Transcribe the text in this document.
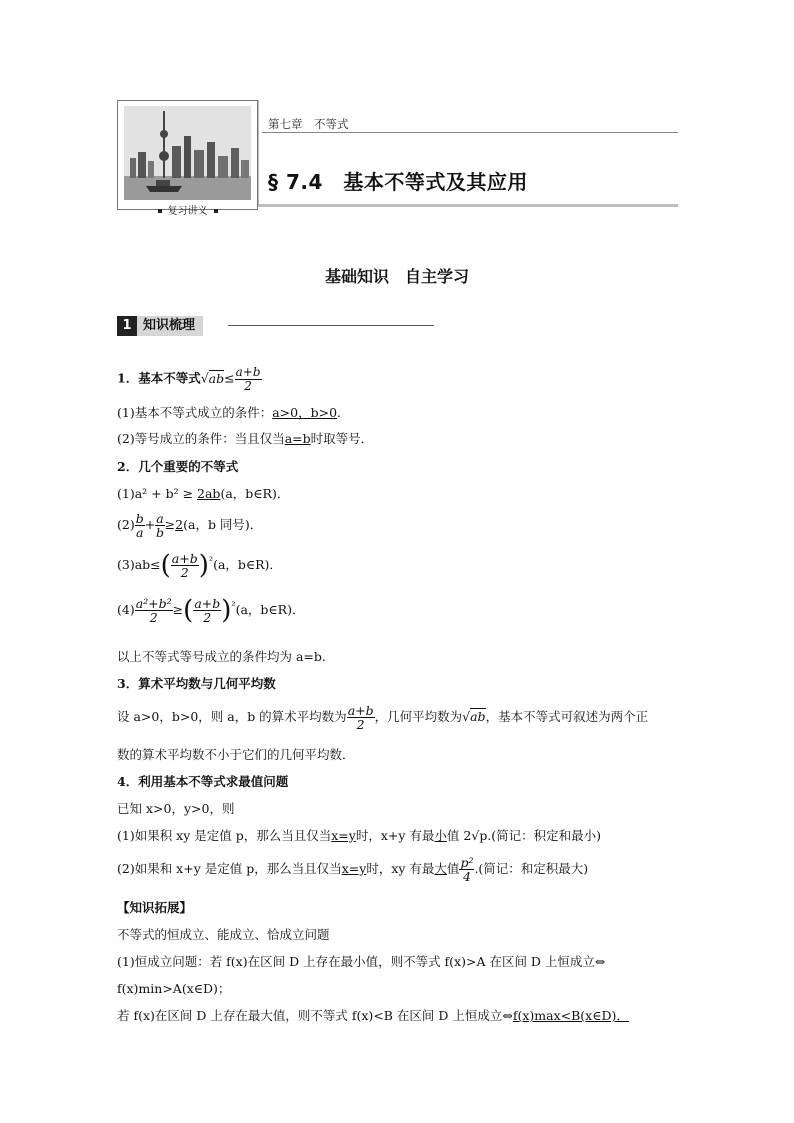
复习讲义
第七章　不等式
§ 7.4　基本不等式及其应用
基础知识　自主学习
1 知识梳理
1．基本不等式$√ab\le \frac{a+b}{2}$
(1)基本不等式成立的条件：a>0，b>0.
(2)等号成立的条件：当且仅当a=b时取等号．
2．几个重要的不等式
(1)a² + b² ≥ 2ab(a，b∈R)．
$(2) \frac{b}{a} + \frac{a}{b} \ge 2(a$，b 同号)．
$(3)ab\le( \frac{a+b}{2} )^{^2}(a$，b∈R)．
$(4) \frac{\text{a²+b²}}{2}$ ≥( $\frac{a+b}{2} )^{^2}(a$，b∈R)．
以上不等式等号成立的条件均为 a=b.
3．算术平均数与几何平均数
设 a>0，b>0，则 a，b 的算术平均数为 $\frac{a+b}{2}$ ，几何平均数为√ab，基本不等式可叙述为两个正
数的算术平均数不小于它们的几何平均数．
4．利用基本不等式求最值问题
已知 x>0，y>0，则
(1)如果积 xy 是定值 p，那么当且仅当x=y时，x+y 有最小值 2√p.(简记：积定和最小)
(2)如果和 x+y 是定值 p，那么当且仅当x=y时，xy 有最大值 $\frac{\text{p²}}{4}$ .(简记：和定积最大)
【知识拓展】
不等式的恒成立、能成立、恰成立问题
(1)恒成立问题：若 f(x)在区间 D 上存在最小值，则不等式 f(x)>A 在区间 D 上恒成立⇔
f(x)min>A(x∈D)；
若 f(x)在区间 D 上存在最大值，则不等式 f(x)<B 在区间 D 上恒成立⇔f(x)max<B(x∈D)．
